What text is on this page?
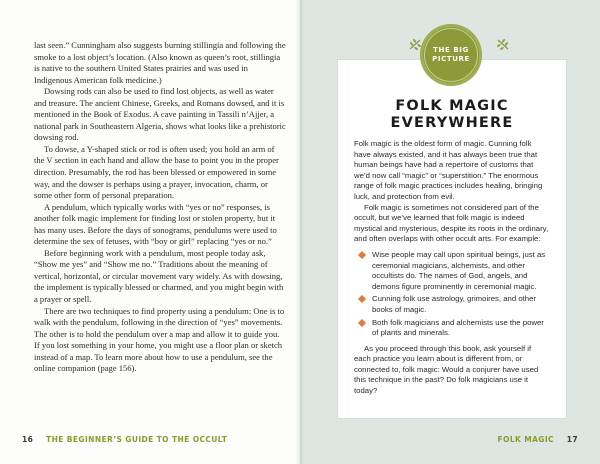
last seen.” Cunningham also suggests burning stillingia and following the smoke to a lost object’s location. (Also known as queen’s root, stillingia is native to the southern United States prairies and was used in Indigenous American folk medicine.)

Dowsing rods can also be used to find lost objects, as well as water and treasure. The ancient Chinese, Greeks, and Romans dowsed, and it is mentioned in the Book of Exodus. A cave painting in Tassili n’Ajjer, a national park in Southeastern Algeria, shows what looks like a prehistoric dowsing rod.

To dowse, a Y-shaped stick or rod is often used; you hold an arm of the V section in each hand and allow the base to point you in the proper direction. Presumably, the rod has been blessed or empowered in some way, and the dowser is perhaps using a prayer, invocation, charm, or some other form of personal preparation.

A pendulum, which typically works with “yes or no” responses, is another folk magic implement for finding lost or stolen property, but it has many uses. Before the days of sonograms, pendulums were used to determine the sex of fetuses, with “boy or girl” replacing “yes or no.”

Before beginning work with a pendulum, most people today ask, “Show me yes” and “Show me no.” Traditions about the meaning of vertical, horizontal, or circular movement vary widely. As with dowsing, the implement is typically blessed or charmed, and you might begin with a prayer or spell.

There are two techniques to find property using a pendulum: One is to walk with the pendulum, following in the direction of “yes” movements. The other is to hold the pendulum over a map and allow it to guide you. If you lost something in your home, you might use a floor plan or sketch instead of a map. To learn more about how to use a pendulum, see the online companion (page 156).

16 THE BEGINNER’S GUIDE TO THE OCCULT	FOLK MAGIC 17
THE BIG
PICTURE
FOLK MAGIC
EVERYWHERE

Folk magic is the oldest form of magic. Cunning folk have always existed, and it has always been true that human beings have had a repertoire of customs that we’d now call “magic” or “superstition.” The enormous range of folk magic practices includes healing, bringing luck, and protection from evil.

Folk magic is sometimes not considered part of the occult, but we’ve learned that folk magic is indeed mystical and mysterious, despite its roots in the ordinary, and often overlaps with other occult arts. For example:

Wise people may call upon spiritual beings, just as ceremonial magicians, alchemists, and other occultists do. The names of God, angels, and demons figure prominently in ceremonial magic.
Cunning folk use astrology, grimoires, and other books of magic.
Both folk magicians and alchemists use the power of plants and minerals.

As you proceed through this book, ask yourself if each practice you learn about is different from, or connected to, folk magic: Would a conjurer have used this technique in the past? Do folk magicians use it today?
